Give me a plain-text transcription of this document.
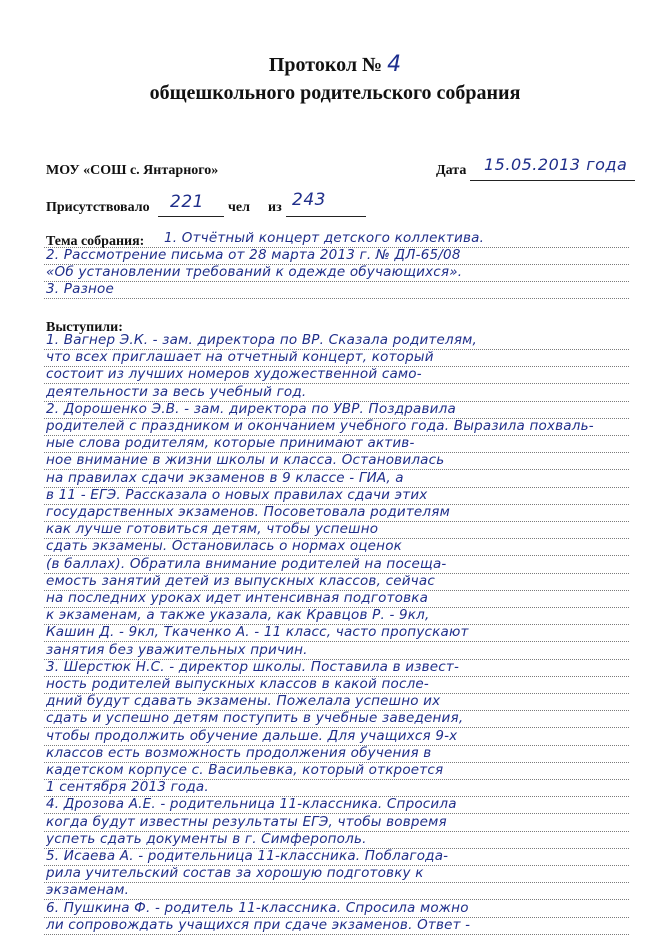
Протокол № 4
общешкольного родительского собрания
МОУ «СОШ с. Янтарного»	Дата 15.05.2013 года
Присутствовало 221 чел из 243
Тема собрания: 1. Отчётный концерт детского коллектива.
2. Рассмотрение письма от 28 марта 2013 г. № ДЛ-65/08
«Об установлении требований к одежде обучающихся».
3. Разное
Выступили:
1. Вагнер Э.К. - зам. директора по ВР. Сказала родителям,
что всех приглашает на отчетный концерт, который
состоит из лучших номеров художественной само-
деятельности за весь учебный год.
2. Дорошенко Э.В. - зам. директора по УВР. Поздравила
родителей с праздником и окончанием учебного года. Выразила похваль-
ные слова родителям, которые принимают актив-
ное внимание в жизни школы и класса. Остановилась
на правилах сдачи экзаменов в 9 классе - ГИА, а
в 11 - ЕГЭ. Рассказала о новых правилах сдачи этих
государственных экзаменов. Посоветовала родителям
как лучше готовиться детям, чтобы успешно
сдать экзамены. Остановилась о нормах оценок
(в баллах). Обратила внимание родителей на посеща-
емость занятий детей из выпускных классов, сейчас
на последних уроках идет интенсивная подготовка
к экзаменам, а также указала, как Кравцов Р. - 9кл,
Кашин Д. - 9кл, Ткаченко А. - 11 класс, часто пропускают
занятия без уважительных причин.
3. Шерстюк Н.С. - директор школы. Поставила в извест-
ность родителей выпускных классов в какой после-
дний будут сдавать экзамены. Пожелала успешно их
сдать и успешно детям поступить в учебные заведения,
чтобы продолжить обучение дальше. Для учащихся 9-х
классов есть возможность продолжения обучения в
кадетском корпусе с. Васильевка, который откроется
1 сентября 2013 года.
4. Дрозова А.Е. - родительница 11-классника. Спросила
когда будут известны результаты ЕГЭ, чтобы вовремя
успеть сдать документы в г. Симферополь.
5. Исаева А. - родительница 11-классника. Поблагода-
рила учительский состав за хорошую подготовку к
экзаменам.
6. Пушкина Ф. - родитель 11-классника. Спросила можно
ли сопровождать учащихся при сдаче экзаменов. Ответ -
